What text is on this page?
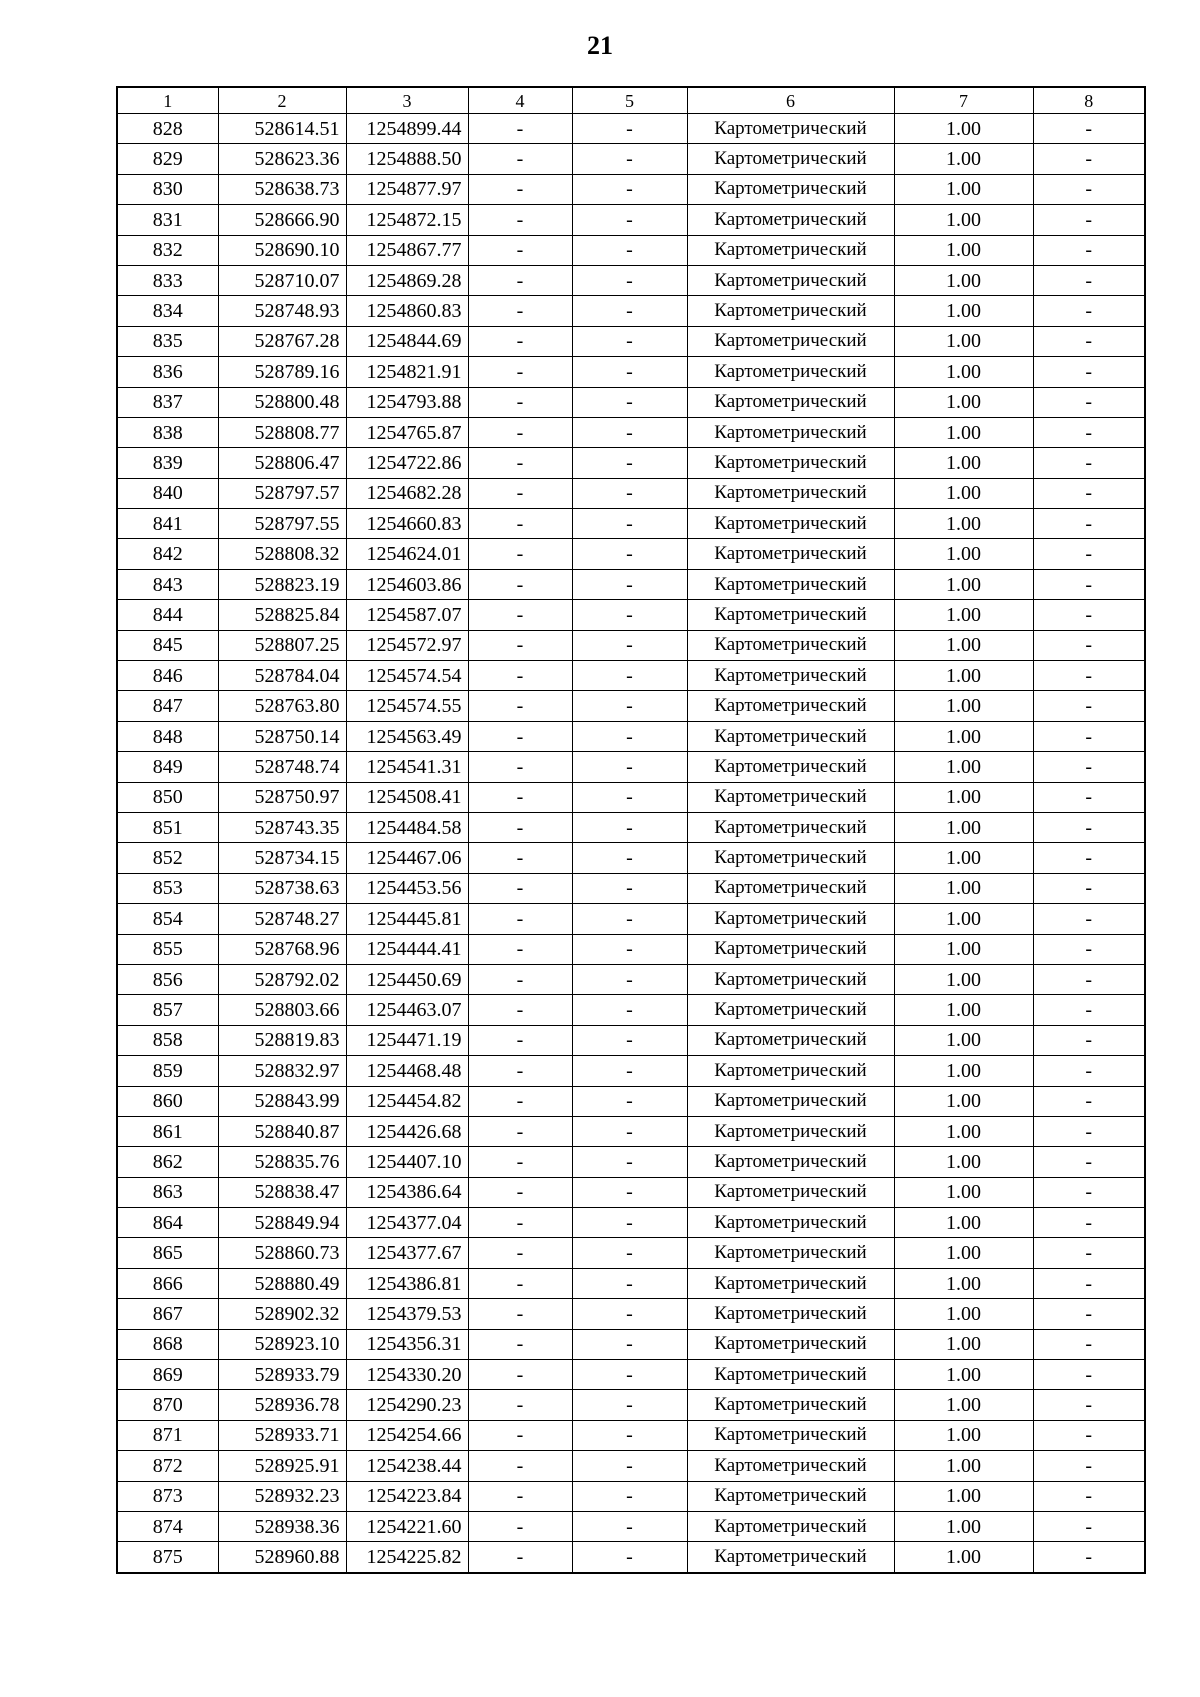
21
1	2	3	4	5	6	7	8
828	528614.51	1254899.44	-	-	Картометрический	1.00	-
829	528623.36	1254888.50	-	-	Картометрический	1.00	-
830	528638.73	1254877.97	-	-	Картометрический	1.00	-
831	528666.90	1254872.15	-	-	Картометрический	1.00	-
832	528690.10	1254867.77	-	-	Картометрический	1.00	-
833	528710.07	1254869.28	-	-	Картометрический	1.00	-
834	528748.93	1254860.83	-	-	Картометрический	1.00	-
835	528767.28	1254844.69	-	-	Картометрический	1.00	-
836	528789.16	1254821.91	-	-	Картометрический	1.00	-
837	528800.48	1254793.88	-	-	Картометрический	1.00	-
838	528808.77	1254765.87	-	-	Картометрический	1.00	-
839	528806.47	1254722.86	-	-	Картометрический	1.00	-
840	528797.57	1254682.28	-	-	Картометрический	1.00	-
841	528797.55	1254660.83	-	-	Картометрический	1.00	-
842	528808.32	1254624.01	-	-	Картометрический	1.00	-
843	528823.19	1254603.86	-	-	Картометрический	1.00	-
844	528825.84	1254587.07	-	-	Картометрический	1.00	-
845	528807.25	1254572.97	-	-	Картометрический	1.00	-
846	528784.04	1254574.54	-	-	Картометрический	1.00	-
847	528763.80	1254574.55	-	-	Картометрический	1.00	-
848	528750.14	1254563.49	-	-	Картометрический	1.00	-
849	528748.74	1254541.31	-	-	Картометрический	1.00	-
850	528750.97	1254508.41	-	-	Картометрический	1.00	-
851	528743.35	1254484.58	-	-	Картометрический	1.00	-
852	528734.15	1254467.06	-	-	Картометрический	1.00	-
853	528738.63	1254453.56	-	-	Картометрический	1.00	-
854	528748.27	1254445.81	-	-	Картометрический	1.00	-
855	528768.96	1254444.41	-	-	Картометрический	1.00	-
856	528792.02	1254450.69	-	-	Картометрический	1.00	-
857	528803.66	1254463.07	-	-	Картометрический	1.00	-
858	528819.83	1254471.19	-	-	Картометрический	1.00	-
859	528832.97	1254468.48	-	-	Картометрический	1.00	-
860	528843.99	1254454.82	-	-	Картометрический	1.00	-
861	528840.87	1254426.68	-	-	Картометрический	1.00	-
862	528835.76	1254407.10	-	-	Картометрический	1.00	-
863	528838.47	1254386.64	-	-	Картометрический	1.00	-
864	528849.94	1254377.04	-	-	Картометрический	1.00	-
865	528860.73	1254377.67	-	-	Картометрический	1.00	-
866	528880.49	1254386.81	-	-	Картометрический	1.00	-
867	528902.32	1254379.53	-	-	Картометрический	1.00	-
868	528923.10	1254356.31	-	-	Картометрический	1.00	-
869	528933.79	1254330.20	-	-	Картометрический	1.00	-
870	528936.78	1254290.23	-	-	Картометрический	1.00	-
871	528933.71	1254254.66	-	-	Картометрический	1.00	-
872	528925.91	1254238.44	-	-	Картометрический	1.00	-
873	528932.23	1254223.84	-	-	Картометрический	1.00	-
874	528938.36	1254221.60	-	-	Картометрический	1.00	-
875	528960.88	1254225.82	-	-	Картометрический	1.00	-
